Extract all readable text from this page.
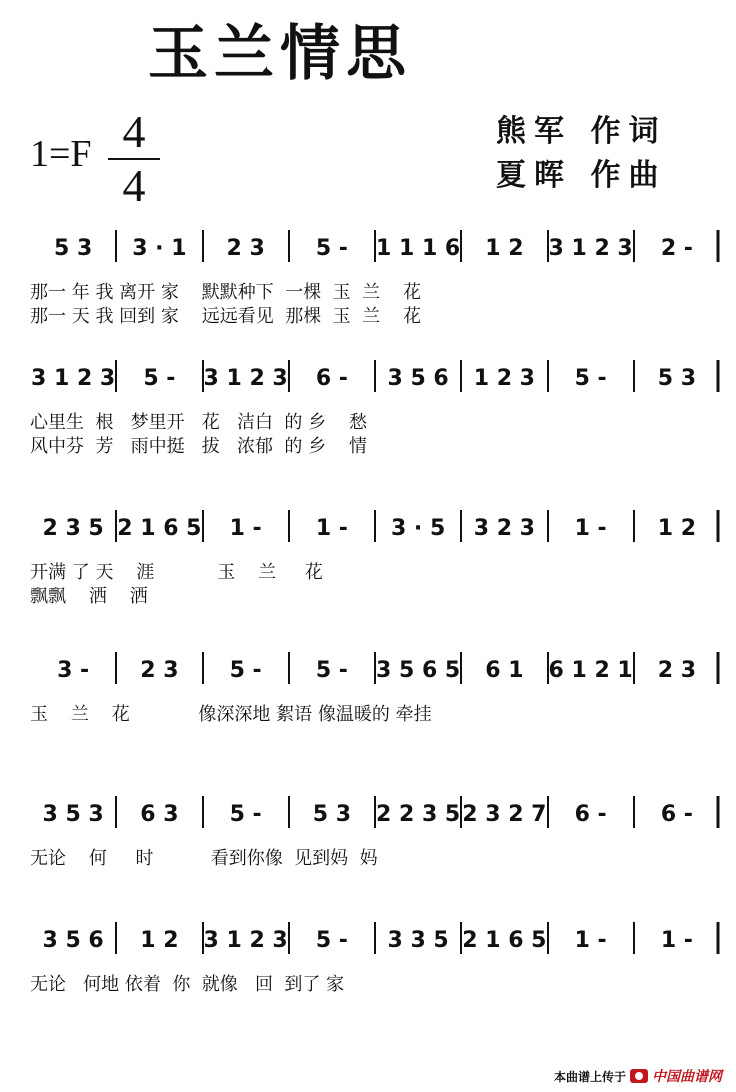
玉兰情思
1=F 4
4
熊军 作词
夏晖 作曲
5 3 3 · 1 2 3 5 - 1 1 1 6 1 2 3 1 2 3 2 -
那一 年 我 离开 家    默默种下  一棵  玉  兰    花
那一 天 我 回到 家    远远看见  那棵  玉  兰    花
3 1 2 3 5 - 3 1 2 3 6 - 3 5 6 1 2 3 5 - 5 3
心里生  根   梦里开   花   洁白  的 乡    愁
风中芬  芳   雨中挺   拔   浓郁  的 乡    情
2 3 5 2 1 6 5 1 - 1 - 3 · 5 3 2 3 1 - 1 2
开满 了 天    涯           玉    兰     花
飘飘    洒    洒
3 - 2 3 5 - 5 - 3 5 6 5 6 1 6 1 2 1 2 3
玉    兰    花            像深深地 絮语 像温暖的 牵挂
3 5 3 6 3 5 - 5 3 2 2 3 5 2 3 2 7 6 - 6 -
无论    何     时          看到你像  见到妈  妈
3 5 6 1 2 3 1 2 3 5 - 3 3 5 2 1 6 5 1 - 1 -
无论   何地 依着  你  就像   回  到了 家
本曲谱上传于 中国曲谱网
